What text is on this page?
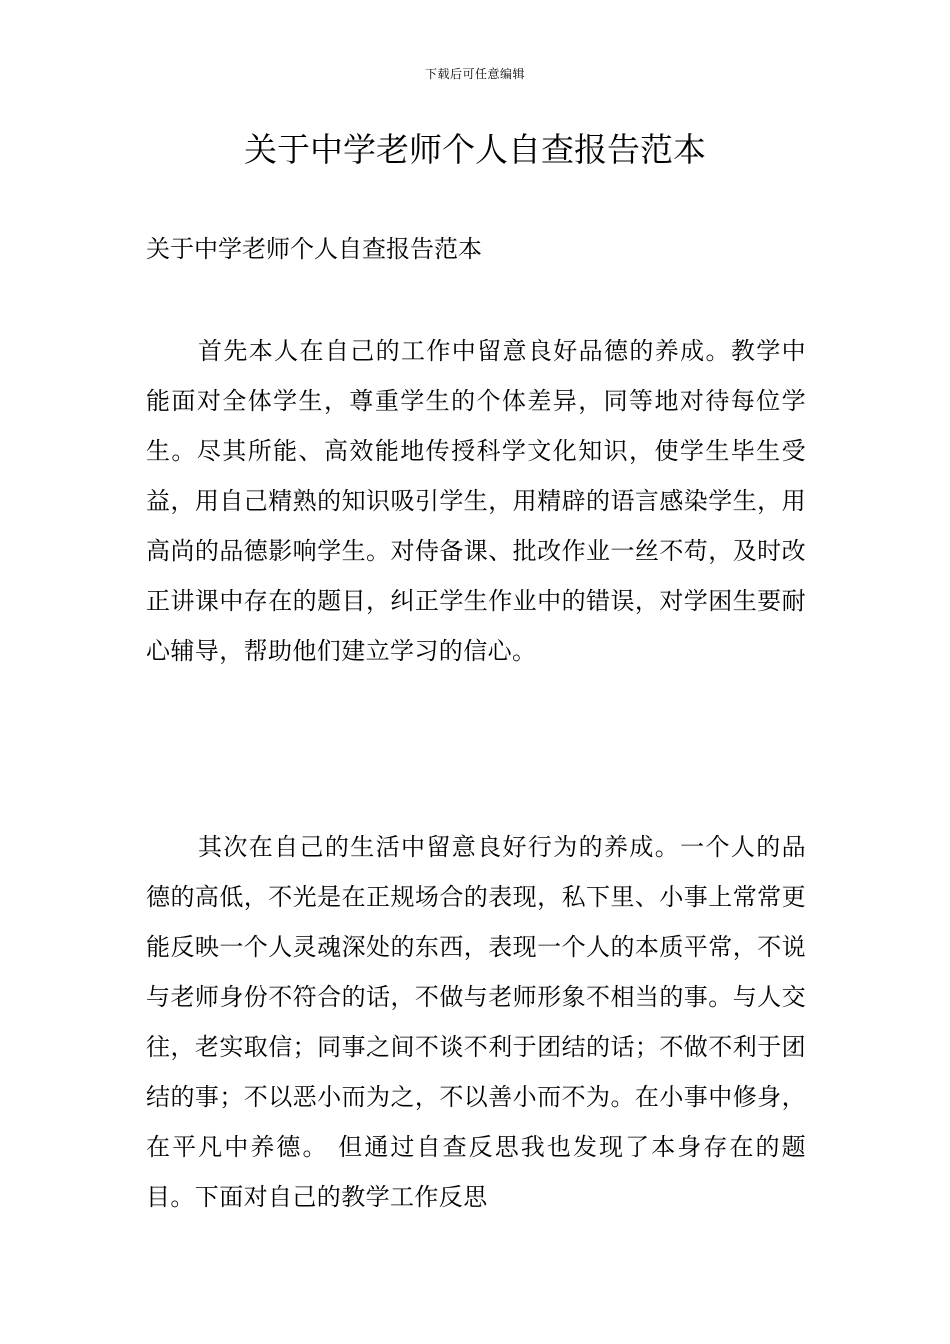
下载后可任意编辑
关于中学老师个人自查报告范本

关于中学老师个人自查报告范本

首先本人在自己的工作中留意良好品德的养成。教学中能面对全体学生，尊重学生的个体差异，同等地对待每位学生。尽其所能、高效能地传授科学文化知识，使学生毕生受益，用自己精熟的知识吸引学生，用精辟的语言感染学生，用高尚的品德影响学生。对侍备课、批改作业一丝不苟，及时改正讲课中存在的题目，纠正学生作业中的错误，对学困生要耐心辅导，帮助他们建立学习的信心。

其次在自己的生活中留意良好行为的养成。一个人的品德的高低，不光是在正规场合的表现，私下里、小事上常常更能反映一个人灵魂深处的东西，表现一个人的本质平常，不说与老师身份不符合的话，不做与老师形象不相当的事。与人交往，老实取信；同事之间不谈不利于团结的话；不做不利于团结的事；不以恶小而为之，不以善小而不为。在小事中修身，在平凡中养德。 但通过自查反思我也发现了本身存在的题目。下面对自己的教学工作反思
